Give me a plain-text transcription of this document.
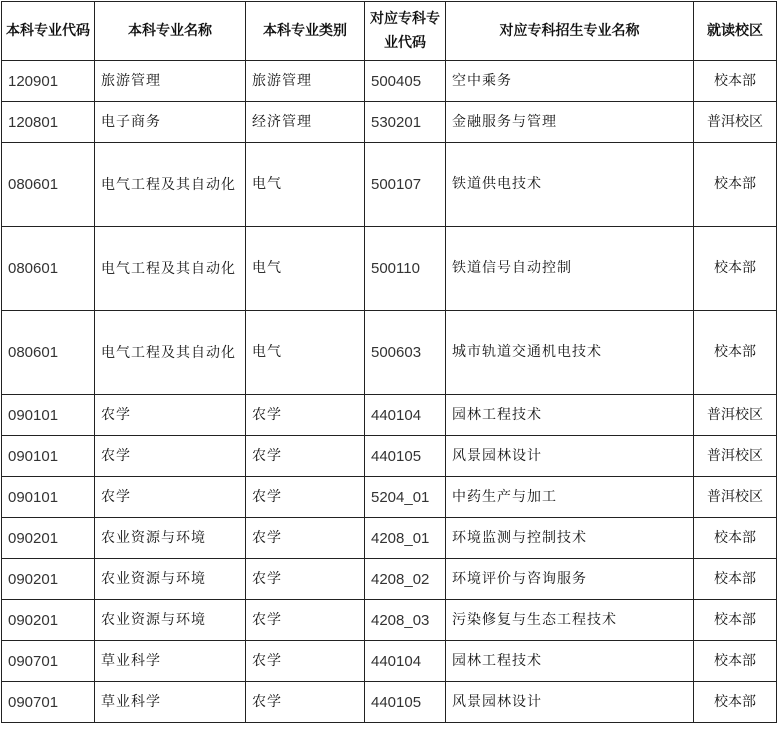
本科专业代码	本科专业名称	本科专业类别	对应专科专业代码	对应专科招生专业名称	就读校区
120901	旅游管理	旅游管理	500405	空中乘务	校本部
120801	电子商务	经济管理	530201	金融服务与管理	普洱校区
080601	电气工程及其自动化	电气	500107	铁道供电技术	校本部
080601	电气工程及其自动化	电气	500110	铁道信号自动控制	校本部
080601	电气工程及其自动化	电气	500603	城市轨道交通机电技术	校本部
090101	农学	农学	440104	园林工程技术	普洱校区
090101	农学	农学	440105	风景园林设计	普洱校区
090101	农学	农学	5204_01	中药生产与加工	普洱校区
090201	农业资源与环境	农学	4208_01	环境监测与控制技术	校本部
090201	农业资源与环境	农学	4208_02	环境评价与咨询服务	校本部
090201	农业资源与环境	农学	4208_03	污染修复与生态工程技术	校本部
090701	草业科学	农学	440104	园林工程技术	校本部
090701	草业科学	农学	440105	风景园林设计	校本部
